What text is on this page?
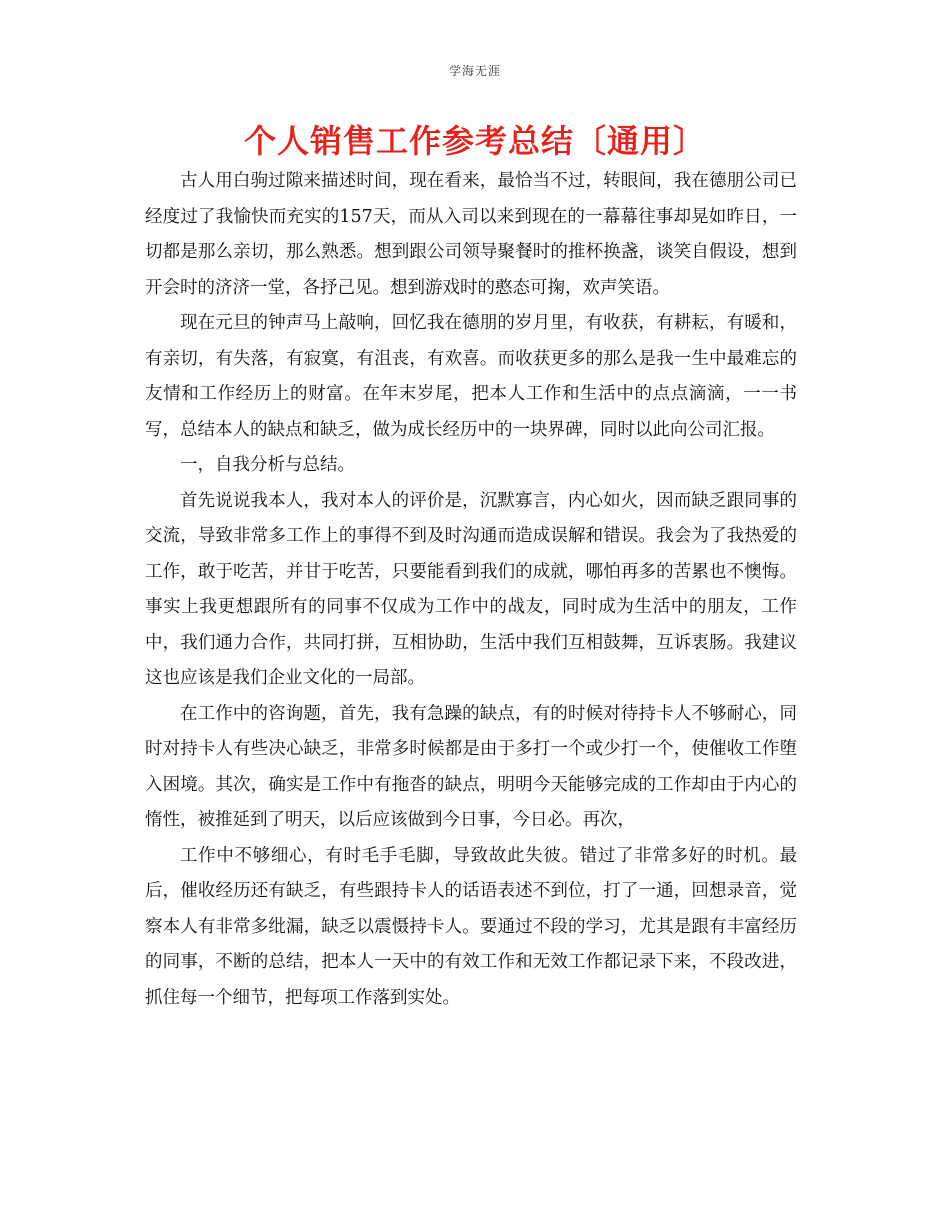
学海无涯
个人销售工作参考总结〔通用〕

古人用白驹过隙来描述时间，现在看来，最恰当不过，转眼间，我在德朋公司已经度过了我愉快而充实的157天，而从入司以来到现在的一幕幕往事却晃如昨日，一切都是那么亲切，那么熟悉。想到跟公司领导聚餐时的推杯换盏，谈笑自假设，想到开会时的济济一堂，各抒己见。想到游戏时的憨态可掬，欢声笑语。

现在元旦的钟声马上敲响，回忆我在德朋的岁月里，有收获，有耕耘，有暖和，有亲切，有失落，有寂寞，有沮丧，有欢喜。而收获更多的那么是我一生中最难忘的友情和工作经历上的财富。在年末岁尾，把本人工作和生活中的点点滴滴，一一书写，总结本人的缺点和缺乏，做为成长经历中的一块界碑，同时以此向公司汇报。

一，自我分析与总结。

首先说说我本人，我对本人的评价是，沉默寡言，内心如火，因而缺乏跟同事的交流，导致非常多工作上的事得不到及时沟通而造成误解和错误。我会为了我热爱的工作，敢于吃苦，并甘于吃苦，只要能看到我们的成就，哪怕再多的苦累也不懊悔。事实上我更想跟所有的同事不仅成为工作中的战友，同时成为生活中的朋友，工作中，我们通力合作，共同打拼，互相协助，生活中我们互相鼓舞，互诉衷肠。我建议这也应该是我们企业文化的一局部。

在工作中的咨询题，首先，我有急躁的缺点，有的时候对待持卡人不够耐心，同时对持卡人有些决心缺乏，非常多时候都是由于多打一个或少打一个，使催收工作堕入困境。其次，确实是工作中有拖沓的缺点，明明今天能够完成的工作却由于内心的惰性，被推延到了明天，以后应该做到今日事，今日必。再次，

工作中不够细心，有时毛手毛脚，导致故此失彼。错过了非常多好的时机。最后，催收经历还有缺乏，有些跟持卡人的话语表述不到位，打了一通，回想录音，觉察本人有非常多纰漏，缺乏以震慑持卡人。要通过不段的学习，尤其是跟有丰富经历的同事，不断的总结，把本人一天中的有效工作和无效工作都记录下来，不段改进，抓住每一个细节，把每项工作落到实处。
